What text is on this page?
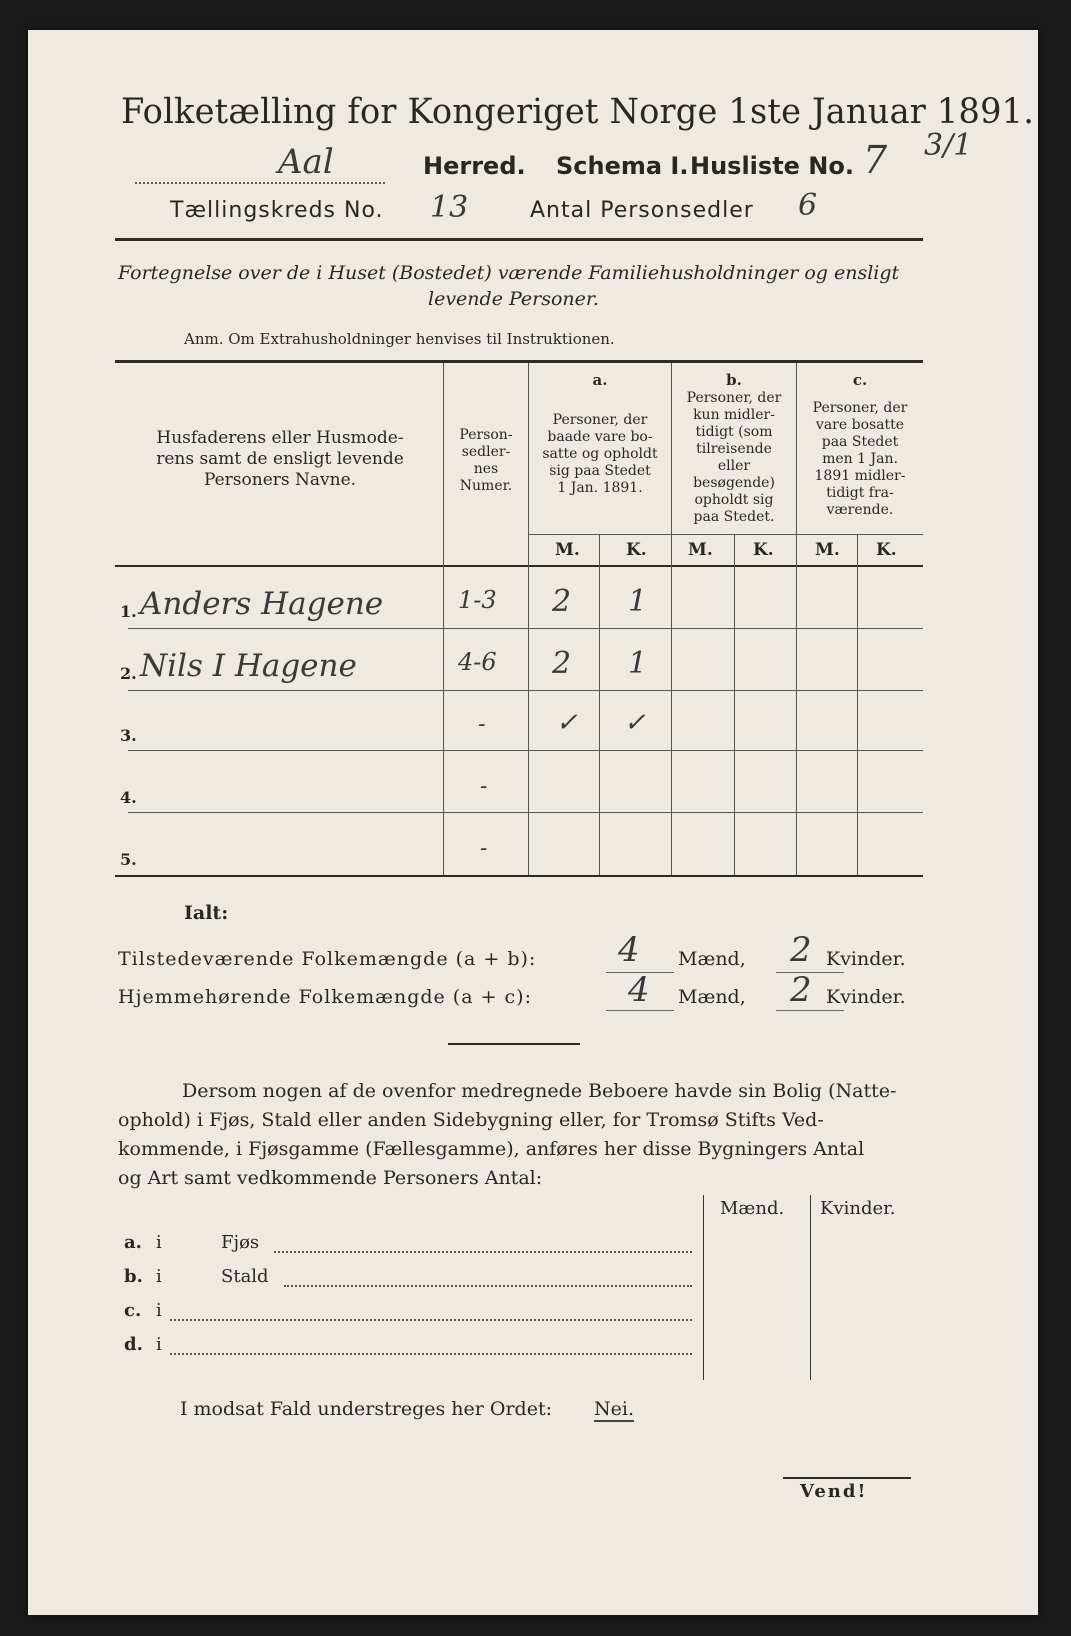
Folketælling for Kongeriget Norge 1ste Januar 1891.
Aal	Herred. Schema I. Husliste No. 7 3/1
Tællingskreds No. 13	Antal Personsedler 6
Fortegnelse over de i Huset (Bostedet) værende Familiehusholdninger og ensligt
levende Personer.
Anm. Om Extrahusholdninger henvises til Instruktionen.
Husfaderens eller Husmode-
rens samt de ensligt levende
Personers Navne.
Person-
sedler-
nes
Numer.
a.
Personer, der
baade vare bo-
satte og opholdt
sig paa Stedet
1 Jan. 1891.
b.
Personer, der
kun midler-
tidigt (som
tilreisende
eller
besøgende)
opholdt sig
paa Stedet.
c.
Personer, der
vare bosatte
paa Stedet
men 1 Jan.
1891 midler-
tidigt fra-
værende.
M.	K. M. K. M. K.
1. Anders Hagene	1-3 2 1
2. Nils I Hagene	4-6 2 1
3.	-	✓ ✓
4.	-
5.	-
Ialt:
Tilstedeværende Folkemængde (a + b): 4 Mænd, 2 Kvinder.
Hjemmehørende Folkemængde (a + c):	4 Mænd, 2 Kvinder.
Dersom nogen af de ovenfor medregnede Beboere havde sin Bolig (Natte-
ophold) i Fjøs, Stald eller anden Sidebygning eller, for Tromsø Stifts Ved-
kommende, i Fjøsgamme (Fællesgamme), anføres her disse Bygningers Antal
og Art samt vedkommende Personers Antal:
Mænd. Kvinder.
a. i	Fjøs
b. i	Stald
c. i
d. i
I modsat Fald understreges her Ordet: Nei.
Vend!
